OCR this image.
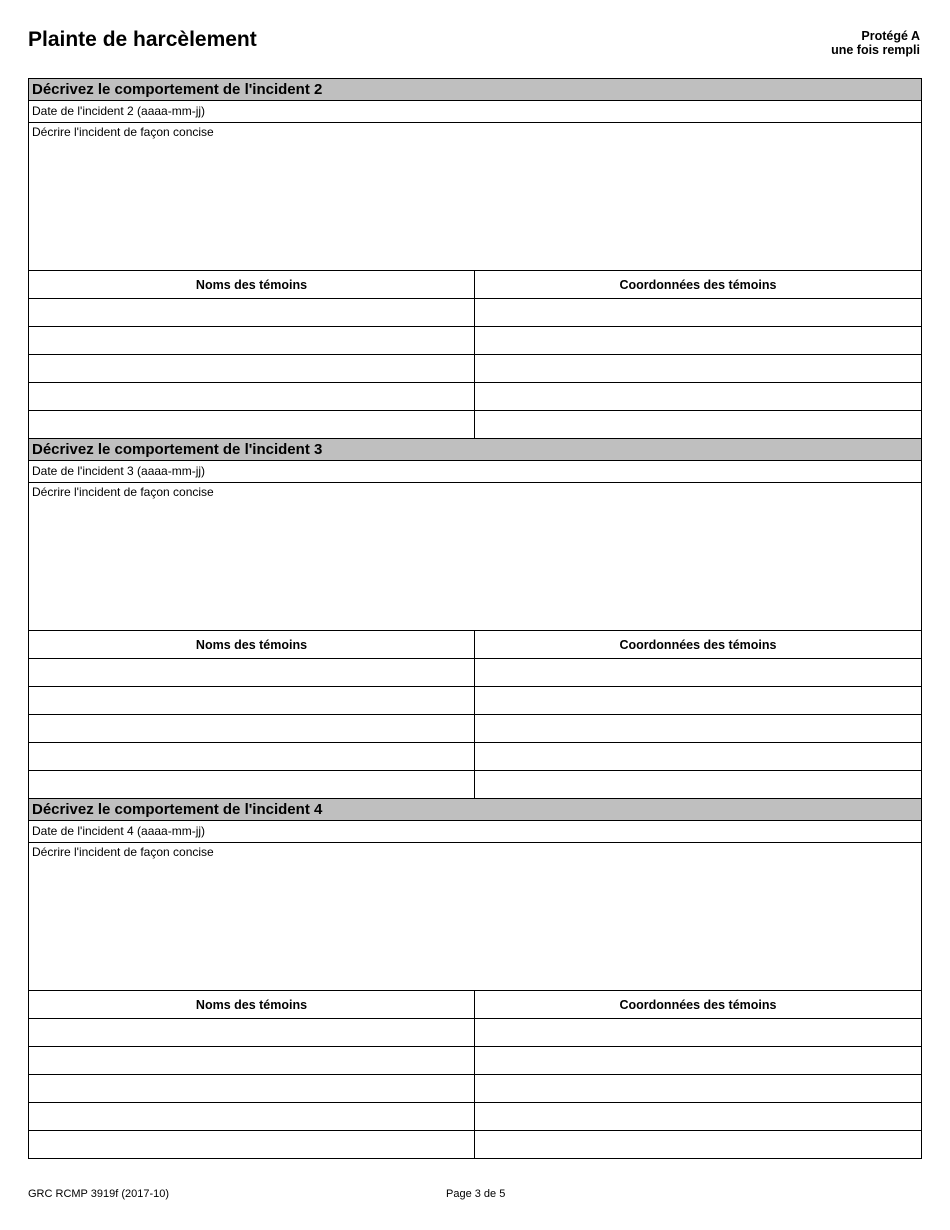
Plainte de harcèlement	Protégé A
une fois rempli
Décrivez le comportement de l'incident 2
Date de l'incident 2 (aaaa-mm-jj)
Décrire l'incident de façon concise
Noms des témoins	Coordonnées des témoins
Décrivez le comportement de l'incident 3
Date de l'incident 3 (aaaa-mm-jj)
Décrire l'incident de façon concise
Noms des témoins	Coordonnées des témoins
Décrivez le comportement de l'incident 4
Date de l'incident 4 (aaaa-mm-jj)
Décrire l'incident de façon concise
Noms des témoins	Coordonnées des témoins
GRC RCMP 3919f (2017-10)	Page 3 de 5
